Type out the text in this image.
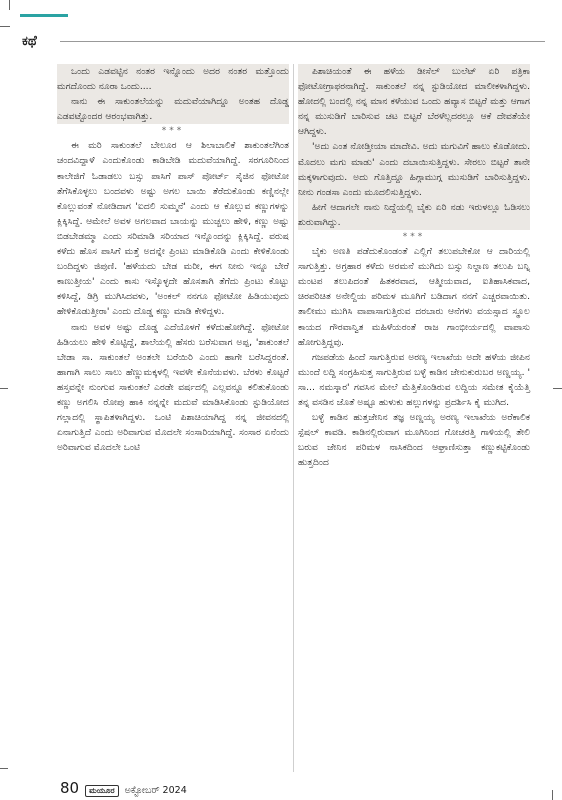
ಕಥೆ

ಒಂದು ಎಡವಟ್ಟಿನ ನಂತರ ಇನ್ನೊಂದು ಅದರ ನಂತರ ಮತ್ತೊಂದು ಮಗದೊಂದು ನೂರಾ ಒಂದು....

ನಾನು ಈ ಸಾಕುಂತಲೆಯನ್ನು ಮದುವೆಯಾಗಿದ್ದೂ ಅಂತಹ ದೊಡ್ಡ ಎಡವಟ್ಟೊಂದರ ಆರಂಭವಾಗಿತ್ತು.

***

ಈ ಮರಿ ಸಾಕುಂತಲೆ ಬೇಲೂರ ಆ ಶಿಲಾಬಾಲಿಕೆ ಶಾಕುಂತಲೆಗಿಂತ ಚಂದವಿದ್ದಾಳೆ ಎಂದುಕೊಂಡು ಕಾಡಿಬೇಡಿ ಮದುವೆಯಾಗಿದ್ದೆ. ಸರಗೂರಿನಿಂದ ಕಾಲೇಜಿಗೆ ಓಡಾಡಲು ಬಸ್ಸು ಪಾಸಿಗೆ ಪಾಸ್ ಪೋರ್ಟ್ ಸೈಜಿನ ಫೋಟೋ ತೆಗೆಸಿಕೊಳ್ಳಲು ಬಂದವಳು ಅಷ್ಟು ಅಗಲ ಬಾಯಿ ತೆರೆದುಕೊಂಡು ಕಣ್ಣಿನಲ್ಲೇ ಕೊಲ್ಲುವಂತೆ ನೋಡಿದಾಗ 'ಐದಲಿ ಸುಮ್ಮನೆ' ಎಂದು ಆ ಕೊಲ್ಲುವ ಕಣ್ಣುಗಳನ್ನು ಕ್ಲಿಕ್ಕಿಸಿದ್ದೆ. ಆಮೇಲೆ ಅವಳ ಅಗಲವಾದ ಬಾಯನ್ನು ಮುಚ್ಚಲು ಹೇಳಿ, ಕಣ್ಣು ಅಷ್ಟು ಬಿಡಬೇಡಮ್ಮಾ ಎಂದು ಸರಿಮಾಡಿ ಸರಿಯಾದ ಇನ್ನೊಂದನ್ನು ಕ್ಲಿಕ್ಕಿಸಿದ್ದೆ. ವರುಷ ಕಳೆದು ಹೊಸ ಪಾಸಿಗೆ ಮತ್ತೆ ಅದನ್ನೇ ಪ್ರಿಂಟು ಮಾಡಿಕೊಡಿ ಎಂದು ಕೇಳಿಕೊಂಡು ಬಂದಿದ್ದಳು ಜಿಪುಣಿ. 'ಹಳೆಯದು ಬೇಡ ಮರೀ, ಈಗ ನೀನು ಇನ್ನೂ ಬೇರೆ ಕಾಣುತ್ತೀಯ' ಎಂದು ಕಾಸು ಇಸ್ಕೊಳ್ಳದೇ ಹೊಸತಾಗಿ ತೆಗೆದು ಪ್ರಿಂಟು ಕೊಟ್ಟು ಕಳಿಸಿದ್ದೆ, ಡಿಗ್ರಿ ಮುಗಿಸಿದವಳು, 'ಅಂಕಲ್ ನನಗೂ ಫೋಟೋ ಹಿಡಿಯುವುದು ಹೇಳಿಕೊಡುತ್ತೀರಾ' ಎಂದು ದೊಡ್ಡ ಕಣ್ಣು ಮಾಡಿ ಕೇಳಿದ್ದಳು.

ನಾನು ಅವಳ ಅಷ್ಟು ದೊಡ್ಡ ಎದೆಯೊಳಗೆ ಕಳೆದುಹೋಗಿದ್ದೆ. ಫೋಟೋ ಹಿಡಿಯಲು ಹೇಳಿ ಕೊಟ್ಟಿದ್ದೆ, ಶಾಲೆಯಲ್ಲಿ ಹೆಸರು ಬರೆಸುವಾಗ ಅಪ್ಪ, 'ಶಾಕುಂತಲೆ ಬೇಡಾ ಸಾ. ಸಾಕುಂತಲೆ ಅಂತಲೇ ಬರೆಯಿರಿ ಎಂದು ಹಾಗೇ ಬರೆಸಿದ್ದರಂತೆ. ಹಾಗಾಗಿ ಸಾಲು ಸಾಲು ಹೆಣ್ಣುಮಕ್ಕಳಲ್ಲಿ ಇವಳೇ ಕೊನೆಯವಳು. ಬೆರಳು ಕೊಟ್ಟರೆ ಹಸ್ತವನ್ನೇ ನುಂಗುವ ಸಾಕುಂತಲೆ ಎರಡೇ ವರ್ಷದಲ್ಲಿ ಎಲ್ಲವನ್ನೂ ಕಲಿತುಕೊಂಡು ಕಣ್ಣು ಅಗಲಿಸಿ ರೋಪು ಹಾಕಿ ನನ್ನನ್ನೇ ಮದುವೆ ಮಾಡಿಸಿಕೊಂಡು ಸ್ಟುಡಿಯೋದ ಗಲ್ಲಾದಲ್ಲಿ ಸ್ಥಾಪಿತಳಾಗಿದ್ದಳು. ಒಂಟಿ ಪಿಶಾಚಿಯಾಗಿದ್ದ ನನ್ನ ಜೀವನದಲ್ಲಿ ಏನಾಗುತ್ತಿದೆ ಎಂದು ಅರಿವಾಗುವ ಮೊದಲೇ ಸಂಸಾರಿಯಾಗಿದ್ದೆ. ಸಂಸಾರ ಏನೆಂದು ಅರಿವಾಗುವ ಮೊದಲೇ ಒಂಟಿ

ಪಿಶಾಚಿಯಂತೆ ಈ ಹಳೆಯ ಡೀಸೆಲ್ ಬುಲೆಟ್ ಏರಿ ಪತ್ರಿಕಾ ಫೋಟೋಗ್ರಾಫರನಾಗಿದ್ದೆ. ಸಾಕುಂತಲೆ ನನ್ನ ಸ್ಟುಡಿಯೋದ ಮಾಲೀಕಳಾಗಿದ್ದಳು. ಹೋದಲ್ಲಿ ಬಂದಲ್ಲಿ ನನ್ನ ಮಾನ ಕಳೆಯುವ ಒಂದು ಹವ್ಯಾಸ ಬಿಟ್ಟರೆ ಮತ್ತು ಆಗಾಗ ನನ್ನ ಮುಸುಡಿಗೆ ಬಾರಿಸುವ ಚಟ ಬಿಟ್ಟರೆ ಬೆರಳೆಲ್ಲದರಲ್ಲೂ ಆಕೆ ದೇವತೆಯೇ ಆಗಿದ್ದಳು.

'ಅದು ಎಂತ ನೋಡ್ತೀಯಾ ಮಾದೇವಿ. ಅದು ಮಗುವಿಗೆ ಹಾಲು ಕೊಡೋದು. ಮೊದಲು ಮಗು ಮಾಡು' ಎಂದು ದಬಾಯಿಸುತ್ತಿದ್ದಳು. ಸೇರಲು ಬಿಟ್ಟರೆ ತಾನೇ ಮಕ್ಕಳಾಗುವುದು. ಅದು ಗೊತ್ತಿದ್ದೂ ಹಿಗ್ಗಾಮುಗ್ಗ ಮುಸುಡಿಗೆ ಬಾರಿಸುತ್ತಿದ್ದಳು. ನೀನು ಗಂಡಸಾ ಎಂದು ಮೂದಲಿಸುತ್ತಿದ್ದಳು.

ಹೀಗೆ ಆದಾಗಲೇ ನಾನು ನಿದ್ದೆಯಲ್ಲಿ ಬೈಕು ಏರಿ ನಡು ಇರುಳಲ್ಲೂ ಓಡಿಸಲು ಶುರುವಾಗಿದ್ದು.

***

ಬೈಕು ಅಣತಿ ಪಡೆದುಕೊಂಡಂತೆ ಎಲ್ಲಿಗೆ ತಲುಪಬೇಕೋ ಆ ದಾರಿಯಲ್ಲಿ ಸಾಗುತ್ತಿತ್ತು. ಅಗ್ರಹಾರ ಕಳೆದು ಅರಮನೆ ಮುಗಿದು ಬಸ್ಸು ನಿಲ್ದಾಣ ತಲುಪಿ ಬನ್ನಿ ಮಂಟಪ ತಲುಪಿದಂತೆ ಹಿತಕರವಾದ, ಆತ್ಮೀಯವಾದ, ಐತಿಹಾಸಿಕವಾದ, ಚಿರಪರಿಚಿತ ಅನೇಲ್ದಿಯ ಪರಿಮಳ ಮೂಗಿಗೆ ಬಡಿದಾಗ ನನಗೆ ಎಚ್ಚರವಾಯಿತು. ತಾಲೀಮು ಮುಗಿಸಿ ವಾಪಾಸಾಗುತ್ತಿರುವ ದರಬಾರು ಆನೆಗಳು ವಯಸ್ಸಾದ ಸ್ಥೂಲ ಕಾಯದ ಗೌರವಾನ್ವಿತ ಮಹಿಳೆಯರಂತೆ ರಾಜ ಗಾಂಭೀರ್ಯದಲ್ಲಿ ವಾಪಾಸು ಹೋಗುತ್ತಿದ್ದವು.

ಗಜಪಡೆಯ ಹಿಂದೆ ಸಾಗುತ್ತಿರುವ ಅರಣ್ಯ ಇಲಾಖೆಯ ಅದೇ ಹಳೆಯ ಜೀಪಿನ ಮುಂದೆ ಲದ್ದಿ ಸಂಗ್ರಹಿಸುತ್ತ ಸಾಗುತ್ತಿರುವ ಬಳ್ಳೆ ಕಾಡಿನ ಜೇನುಕುರುಬರ ಅಣ್ಣಯ್ಯ. ' ಸಾ... ನಮಸ್ಕಾರ' ಗವಸಿನ ಮೇಲೆ ಮೆತ್ತಿಕೊಂಡಿರುವ ಲದ್ದಿಯ ಸಮೇತ ಕೈಯೆತ್ತಿ ತನ್ನ ವಸಡಿನ ಜೊತೆ ಅಷ್ಟೂ ಹುಳುಕು ಹಲ್ಲುಗಳನ್ನು ಪ್ರದರ್ಶಿಸಿ ಕೈ ಮುಗಿದ.

ಬಳ್ಳೆ ಕಾಡಿನ ಹುತ್ತಜೇನಿನ ತಜ್ಞ ಅಣ್ಣಯ್ಯ ಅರಣ್ಯ ಇಲಾಖೆಯ ಅರೆಕಾಲಿಕ ಸ್ಪೆಷಲ್ ಕಾವಡಿ. ಕಾಡಿನಲ್ಲಿರುವಾಗ ಮೂಗಿನಿಂದ ಗೋಚರತ್ತಿ ಗಾಳಿಯಲ್ಲಿ ತೇಲಿ ಬರುವ ಜೇನಿನ ಪರಿಮಳ ನಾಸಿಕದಿಂದ ಆಘ್ರಾಣಿಸುತ್ತಾ ಕಣ್ಣುಕಟ್ಟಿಕೊಂಡು ಹುತ್ತದಿಂದ

80	ಮಯೂರ	ಅಕ್ಟೋಬರ್ 2024
